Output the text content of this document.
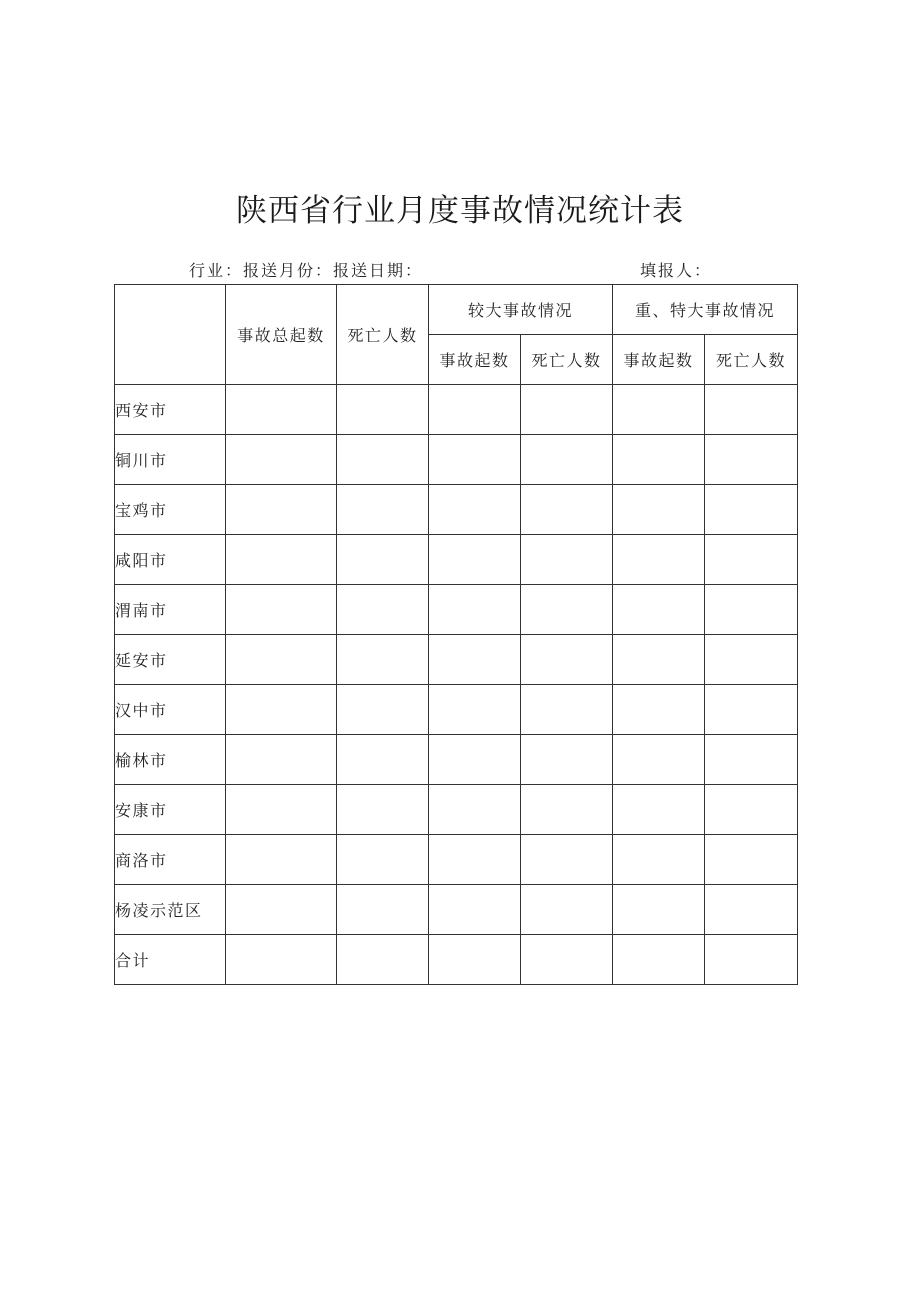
陕西省行业月度事故情况统计表
行业：报送月份：报送日期：	填报人：
	事故总起数	死亡人数	较大事故情况		重、特大事故情况	
			事故起数	死亡人数	事故起数	死亡人数
西安市						
铜川市						
宝鸡市						
咸阳市						
渭南市						
延安市						
汉中市						
榆林市						
安康市						
商洛市						
杨凌示范区						
合计						
